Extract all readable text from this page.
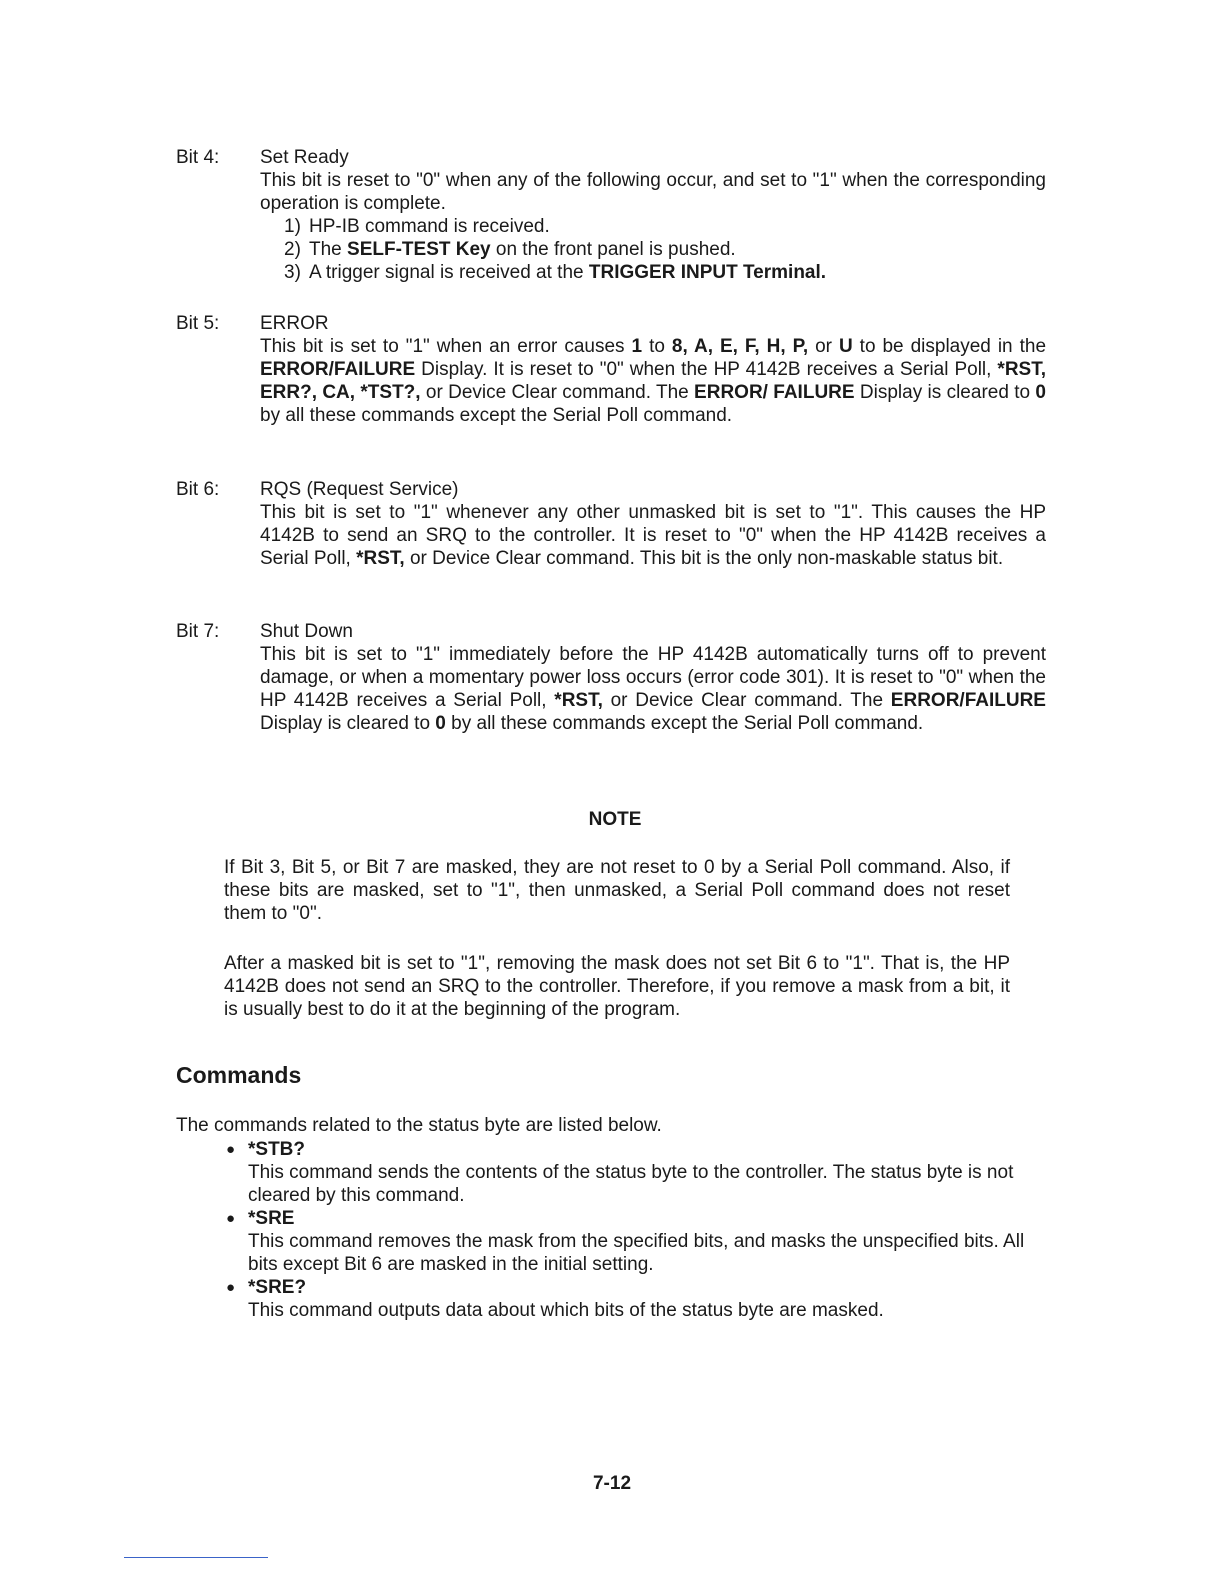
Bit 4: Set Ready

This bit is reset to "0" when any of the following occur, and set to "1" when the corresponding operation is complete.

1) HP-IB command is received.
2) The SELF-TEST Key on the front panel is pushed.
3) A trigger signal is received at the TRIGGER INPUT Terminal.
Bit 5: ERROR

This bit is set to "1" when an error causes 1 to 8, A, E, F, H, P, or U to be displayed in the ERROR/FAILURE Display. It is reset to "0" when the HP 4142B receives a Serial Poll, *RST, ERR?, CA, *TST?, or Device Clear command. The ERROR/ FAILURE Display is cleared to 0 by all these commands except the Serial Poll command.

Bit 6: RQS (Request Service)

This bit is set to "1" whenever any other unmasked bit is set to "1". This causes the HP 4142B to send an SRQ to the controller. It is reset to "0" when the HP 4142B receives a Serial Poll, *RST, or Device Clear command. This bit is the only non-maskable status bit.

Bit 7: Shut Down

This bit is set to "1" immediately before the HP 4142B automatically turns off to prevent damage, or when a momentary power loss occurs (error code 301). It is reset to "0" when the HP 4142B receives a Serial Poll, *RST, or Device Clear command. The ERROR/FAILURE Display is cleared to 0 by all these commands except the Serial Poll command.

NOTE

If Bit 3, Bit 5, or Bit 7 are masked, they are not reset to 0 by a Serial Poll command. Also, if these bits are masked, set to "1", then unmasked, a Serial Poll command does not reset them to "0".

After a masked bit is set to "1", removing the mask does not set Bit 6 to "1". That is, the HP 4142B does not send an SRQ to the controller. Therefore, if you remove a mask from a bit, it is usually best to do it at the beginning of the program.

Commands

The commands related to the status byte are listed below.

● *STB?
This command sends the contents of the status byte to the controller. The status byte is not cleared by this command.
● *SRE
This command removes the mask from the specified bits, and masks the unspecified bits. All bits except Bit 6 are masked in the initial setting.
● *SRE?
This command outputs data about which bits of the status byte are masked.

7-12
